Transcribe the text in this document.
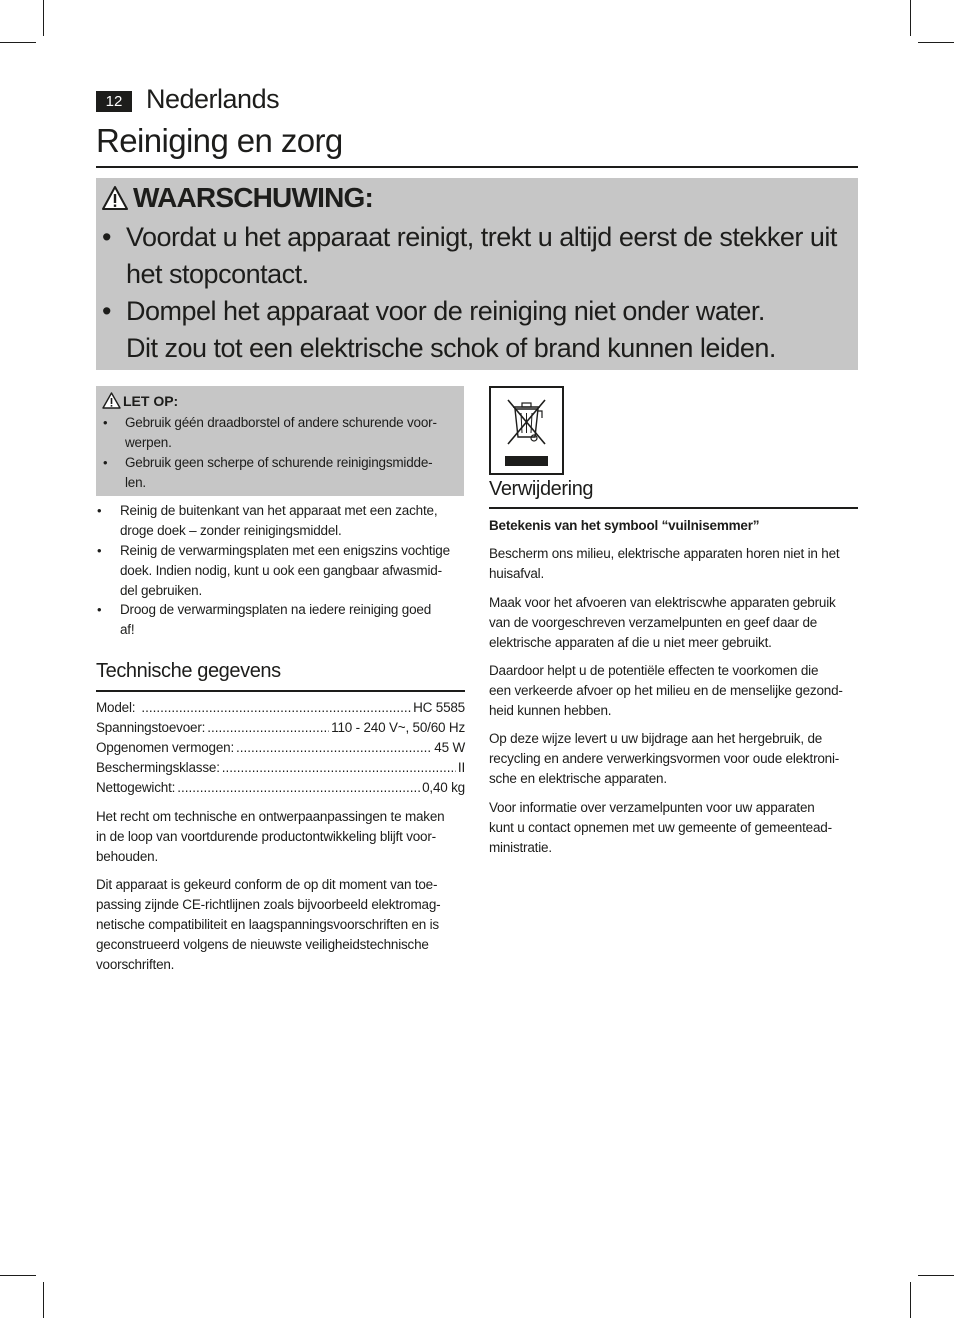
12 Nederlands
Reiniging en zorg
WAARSCHUWING:
• Voordat u het apparaat reinigt, trekt u altijd eerst de stekker uit
het stopcontact.
• Dompel het apparaat voor de reiniging niet onder water.
Dit zou tot een elektrische schok of brand kunnen leiden.
LET OP:
• Gebruik géén draadborstel of andere schurende voor-
werpen.
• Gebruik geen scherpe of schurende reinigingsmidde-
len.
• Reinig de buitenkant van het apparaat met een zachte,
droge doek – zonder reinigingsmiddel.
• Reinig de verwarmingsplaten met een enigszins vochtige
doek. Indien nodig, kunt u ook een gangbaar afwasmid-
del gebruiken.
• Droog de verwarmingsplaten na iedere reiniging goed
af!
Technische gegevens
Model: .....	HC 5585
Spanningstoevoer: .....	110 - 240 V~, 50/60 Hz
Opgenomen vermogen: .....	45 W
Beschermingsklasse: .....	II
Nettogewicht: .....	0,40 kg
Het recht om technische en ontwerpaanpassingen te maken
in de loop van voortdurende productontwikkeling blijft voor-
behouden.
Dit apparaat is gekeurd conform de op dit moment van toe-
passing zijnde CE-richtlijnen zoals bijvoorbeeld elektromag-
netische compatibiliteit en laagspanningsvoorschriften en is
geconstrueerd volgens de nieuwste veiligheidstechnische
voorschriften.
Verwijdering
Betekenis van het symbool “vuilnisemmer”
Bescherm ons milieu, elektrische apparaten horen niet in het
huisafval.
Maak voor het afvoeren van elektriscwhe apparaten gebruik
van de voorgeschreven verzamelpunten en geef daar de
elektrische apparaten af die u niet meer gebruikt.
Daardoor helpt u de potentiële effecten te voorkomen die
een verkeerde afvoer op het milieu en de menselijke gezond-
heid kunnen hebben.
Op deze wijze levert u uw bijdrage aan het hergebruik, de
recycling en andere verwerkingsvormen voor oude elektroni-
sche en elektrische apparaten.
Voor informatie over verzamelpunten voor uw apparaten
kunt u contact opnemen met uw gemeente of gemeentead-
ministratie.
